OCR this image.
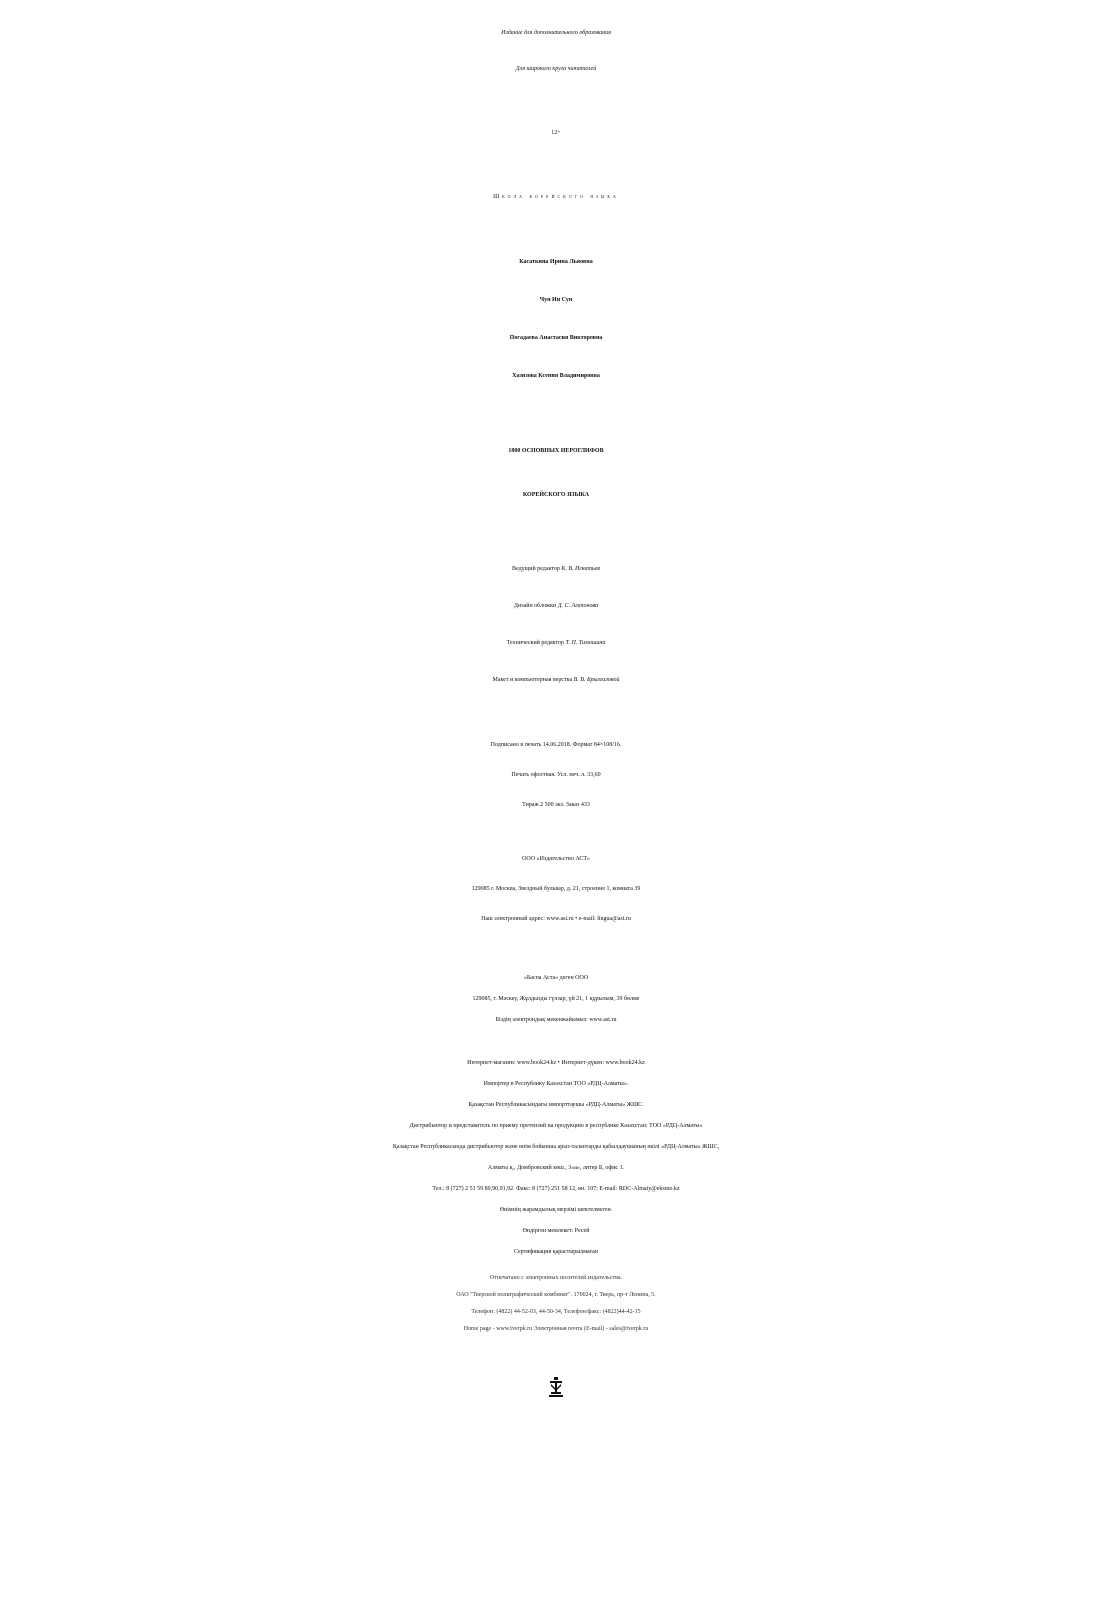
Издание для дополнительного образования

Для широкого круга читателей

12+

Школа корейского языка

Касаткина Ирина Львовна

Чун Ин Сун

Погадаева Анастасия Викторовна

Хазизова Ксения Владимировна

1800 ОСНОВНЫХ ИЕРОГЛИФОВ

КОРЕЙСКОГО ЯЗЫКА

Ведущий редактор К. В. Игнатьев

Дизайн обложки Д. С. Агапонова

Технический редактор Т. П. Тимошина

Макет и компьютерная верстка В. В. Брызгаловой

Подписано в печать 14.06.2018. Формат 84×108/16.

Печать офсетная. Усл. печ. л. 33,60

Тираж 2 500 экз. Заказ 433

ООО «Издательство АСТ»

129085 г. Москва, Звездный бульвар, д. 21, строение 1, комната 39

Наш электронный адрес: www.ast.ru • e-mail: lingua@ast.ru

«Баспа Аста» деген ООО

129085, г. Мәскеу, Жұлдызды гүлзар, үй 21, 1 құрылым, 39 бөлме

Біздің электрондық мекенжайымыз: www.ast.ru

Интернет-магазин: www.book24.kz • Интернет-дүкен: www.book24.kz

Импортер в Республику Казахстан ТОО «РДЦ-Алматы».

Қазақстан Республикасындағы импорттаушы «РДЦ-Алматы» ЖШС.

Дистрибьютор и представитель по приему претензий на продукцию в республике Казахстан: ТОО «РДЦ-Алматы»

Қазақстан Республикасында дистрибьютор және өнім бойынша арыз-талаптарды қабылдаушының өкілі «РДЦ-Алматы» ЖШС,

Алматы қ., Домбровский көш., 3«а», литер Б, офис 1.

Тел.: 8 (727) 2 51 59 89,90,91,92. Факс: 8 (727) 251 58 12, вн. 107; E-mail: RDC-Almaty@eksmo.kz

Өнімнің жарамдылық мерзімі шектелмеген.

Өндірген мемлекет: Ресей

Сертификация қарастырылмаған

Отпечатано с электронных носителей издательства.

ОАО "Тверской полиграфический комбинат". 170024, г. Тверь, пр-т Ленина, 5.

Телефон: (4822) 44-52-03, 44-50-34, Телефон/факс: (4822)44-42-15

Home page - www.tverpk.ru Электронная почта (E-mail) - sales@tverpk.ru
